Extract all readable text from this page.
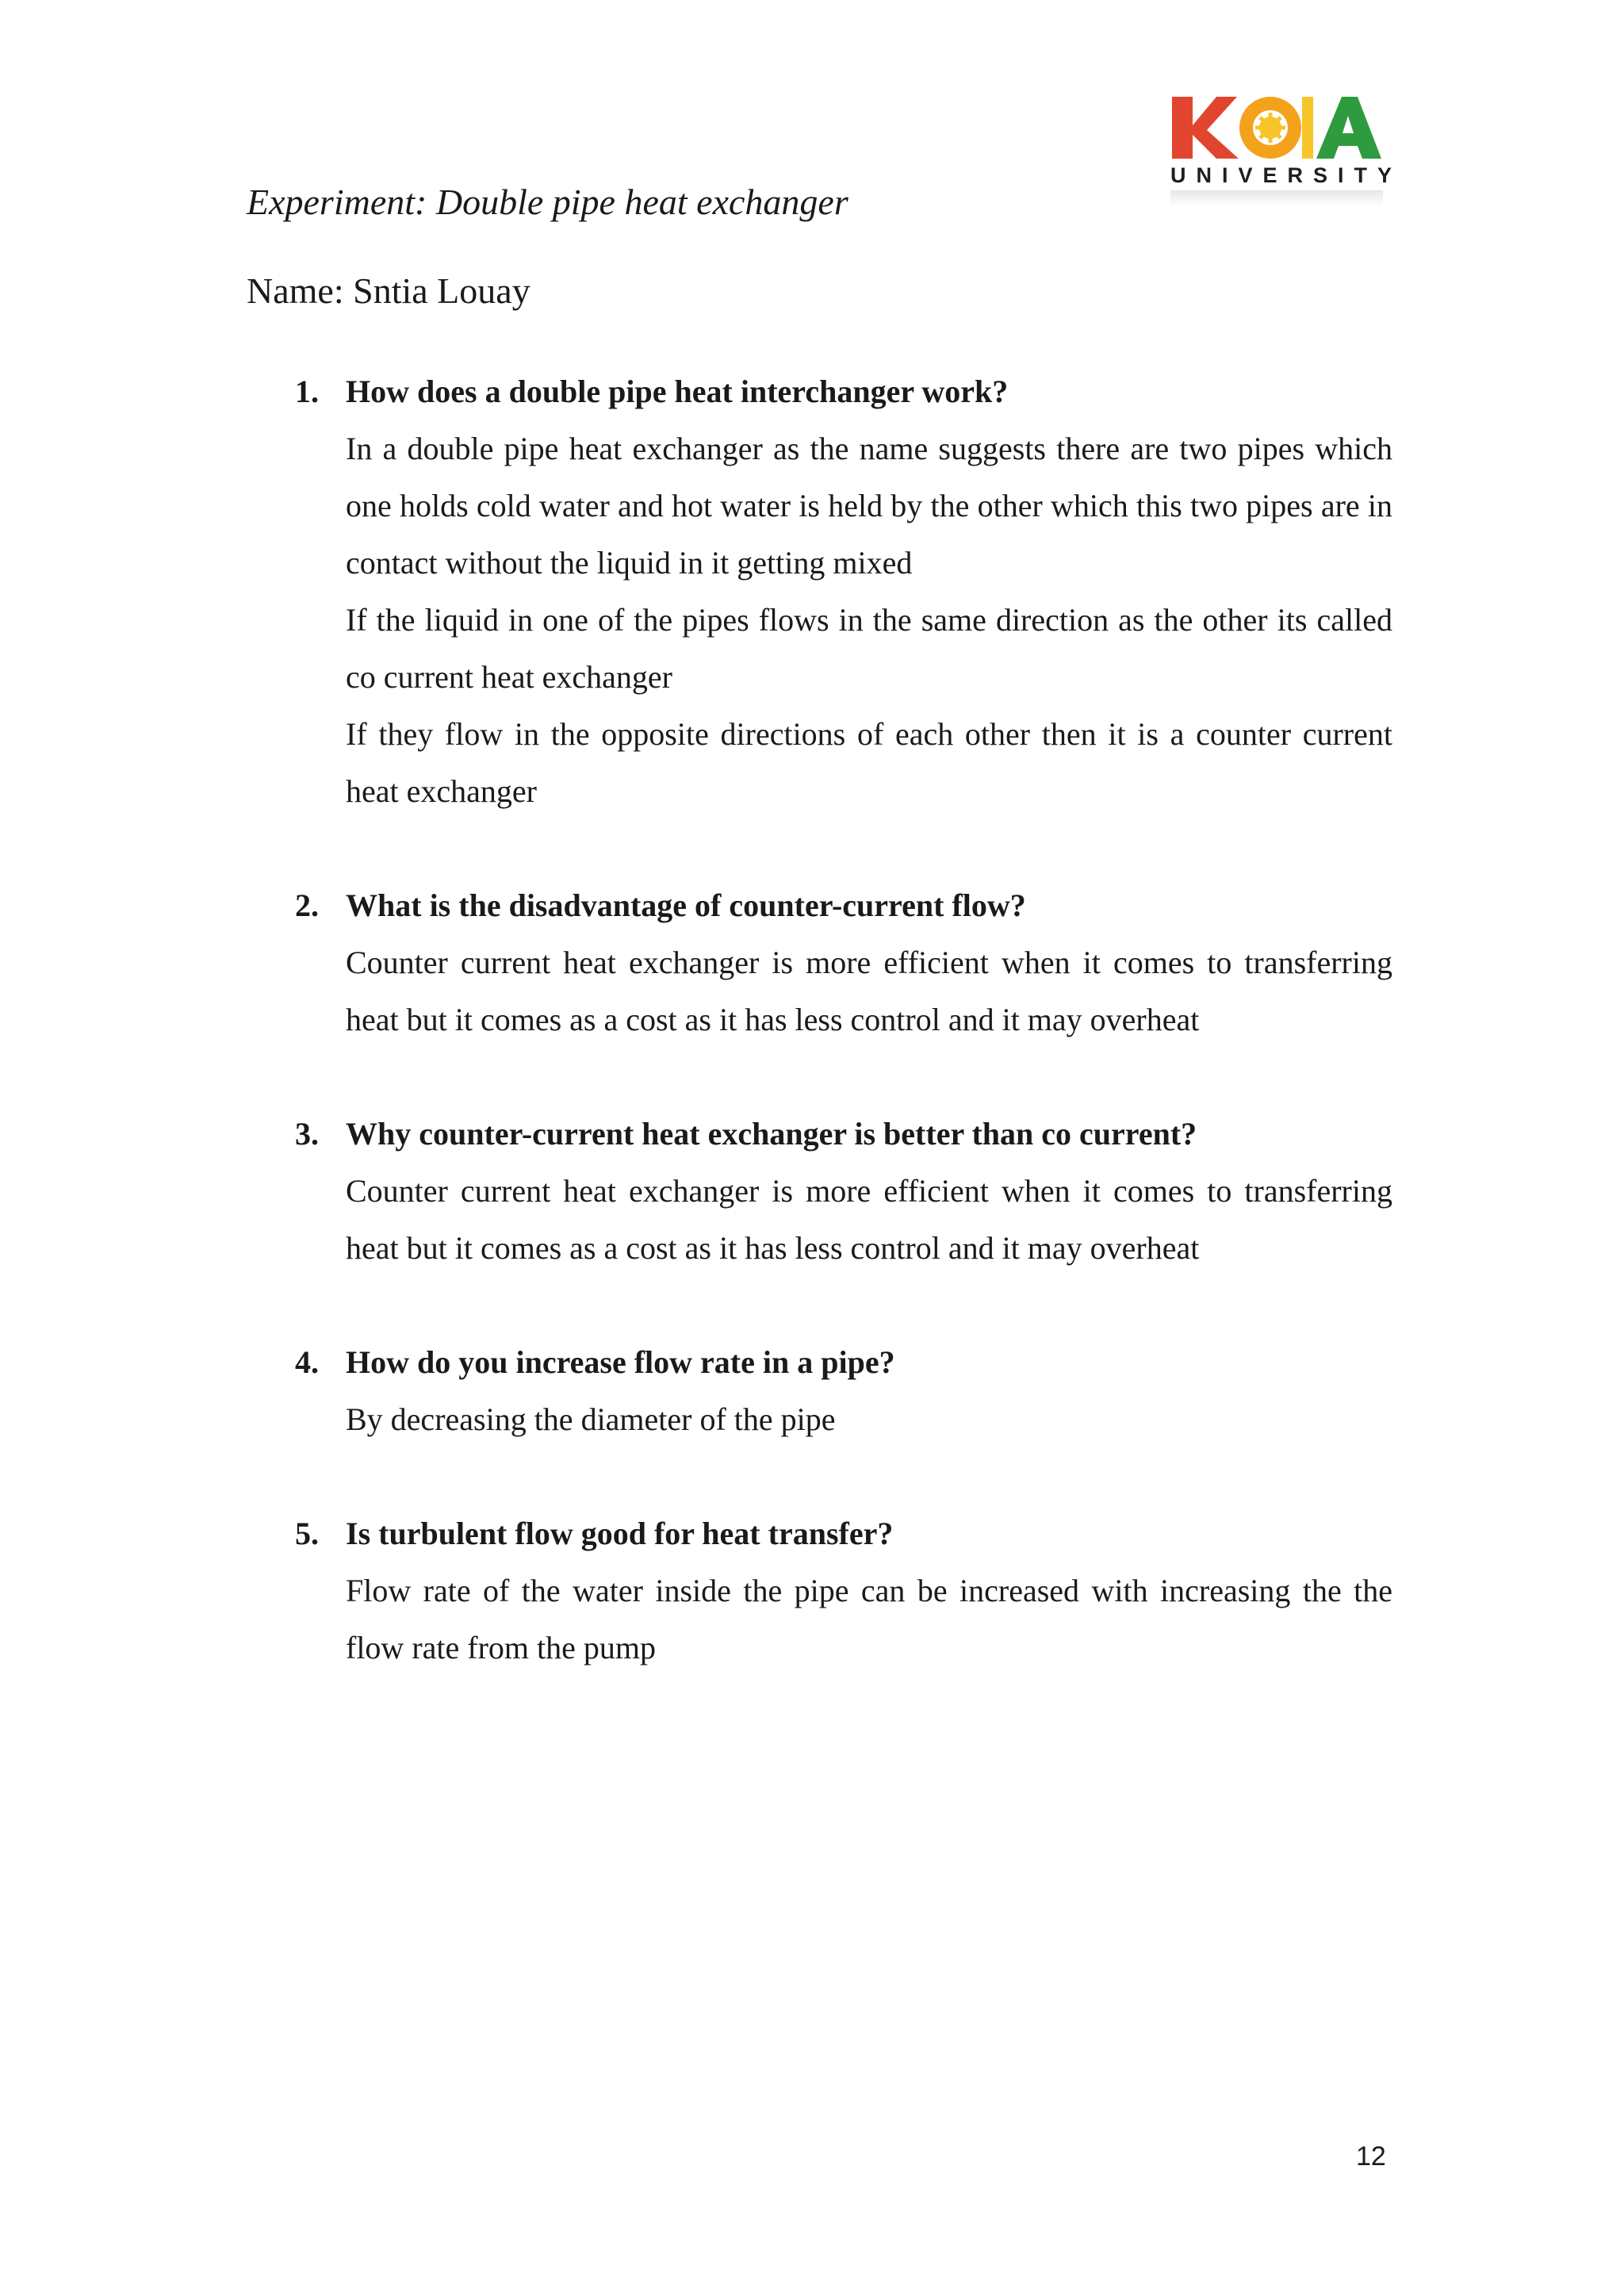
UNIVERSITY
Experiment: Double pipe heat exchanger
Name: Sntia Louay
1. How does a double pipe heat interchanger work?

In a double pipe heat exchanger as the name suggests there are two pipes which one holds cold water and hot water is held by the other which this two pipes are in contact without the liquid in it getting mixed

If the liquid in one of the pipes flows in the same direction as the other its called co current heat exchanger

If they flow in the opposite directions of each other then it is a counter current heat exchanger

2. What is the disadvantage of counter-current flow?

Counter current heat exchanger is more efficient when it comes to transferring heat but it comes as a cost as it has less control and it may overheat

3. Why counter-current heat exchanger is better than co current?

Counter current heat exchanger is more efficient when it comes to transferring heat but it comes as a cost as it has less control and it may overheat

4. How do you increase flow rate in a pipe?

By decreasing the diameter of the pipe

5. Is turbulent flow good for heat transfer?

Flow rate of the water inside the pipe can be increased with increasing the the flow rate from the pump

12
